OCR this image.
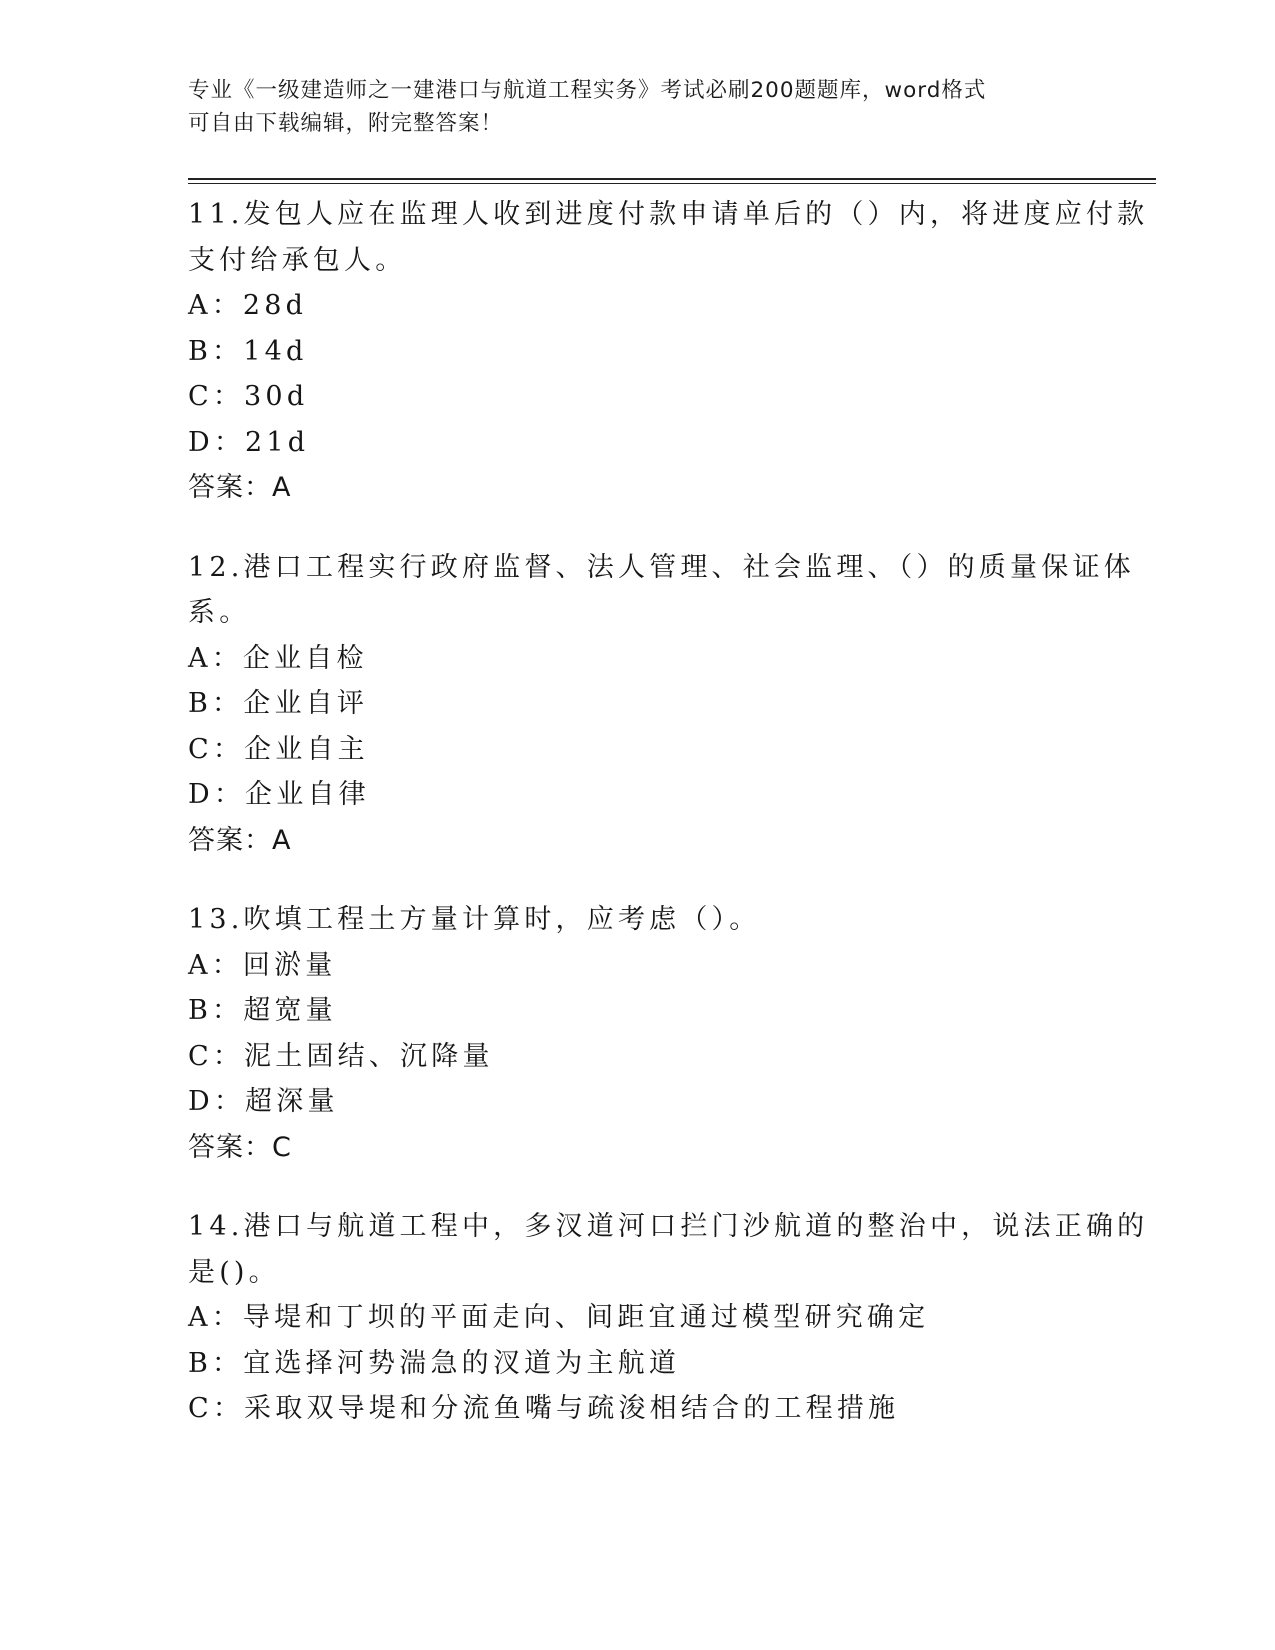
专业《一级建造师之一建港口与航道工程实务》考试必刷200题题库，word格式
可自由下载编辑，附完整答案！
11.发包人应在监理人收到进度付款申请单后的（）内，将进度应付款
支付给承包人。
A：28d
B：14d
C：30d
D：21d
答案：A
12.港口工程实行政府监督、法人管理、社会监理、（）的质量保证体
系。
A：企业自检
B：企业自评
C：企业自主
D：企业自律
答案：A
13.吹填工程土方量计算时，应考虑（）。
A：回淤量
B：超宽量
C：泥土固结、沉降量
D：超深量
答案：C
14.港口与航道工程中，多汊道河口拦门沙航道的整治中，说法正确的
是()。
A：导堤和丁坝的平面走向、间距宜通过模型研究确定
B：宜选择河势湍急的汊道为主航道
C：采取双导堤和分流鱼嘴与疏浚相结合的工程措施
